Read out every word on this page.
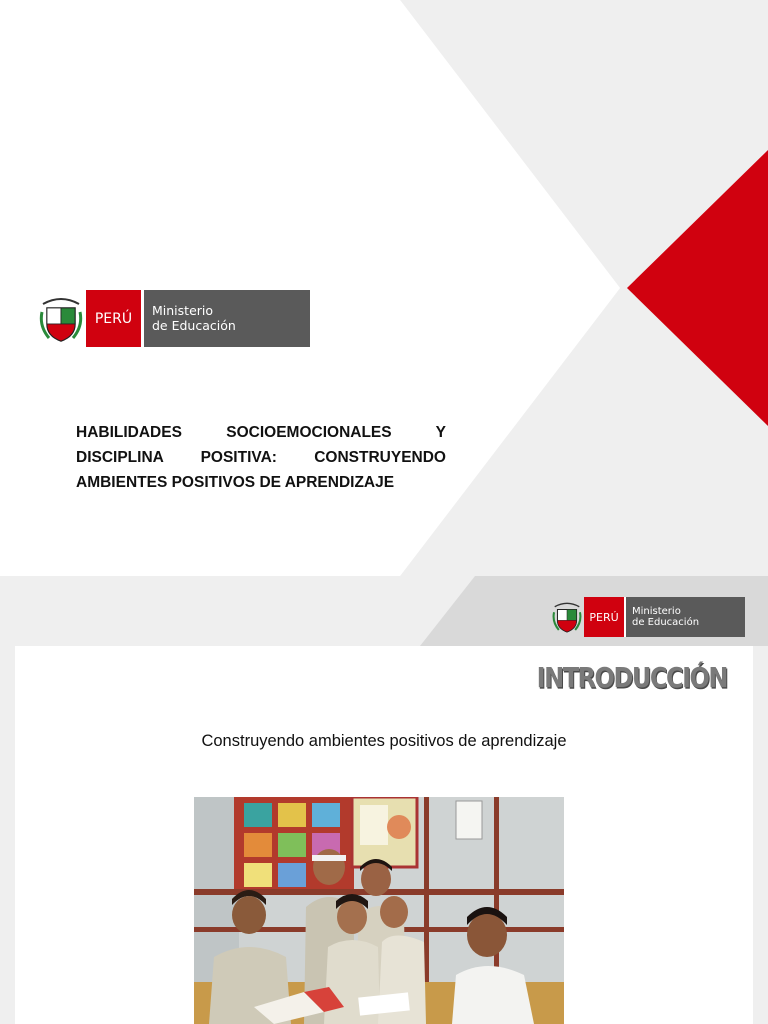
PERÚ	Ministerio
de Educación
HABILIDADES SOCIOEMOCIONALES Y DISCIPLINA POSITIVA: CONSTRUYENDO AMBIENTES POSITIVOS DE APRENDIZAJE
PERÚ	Ministerio
de Educación
INTRODUCCIÓN
Construyendo ambientes positivos de aprendizaje
